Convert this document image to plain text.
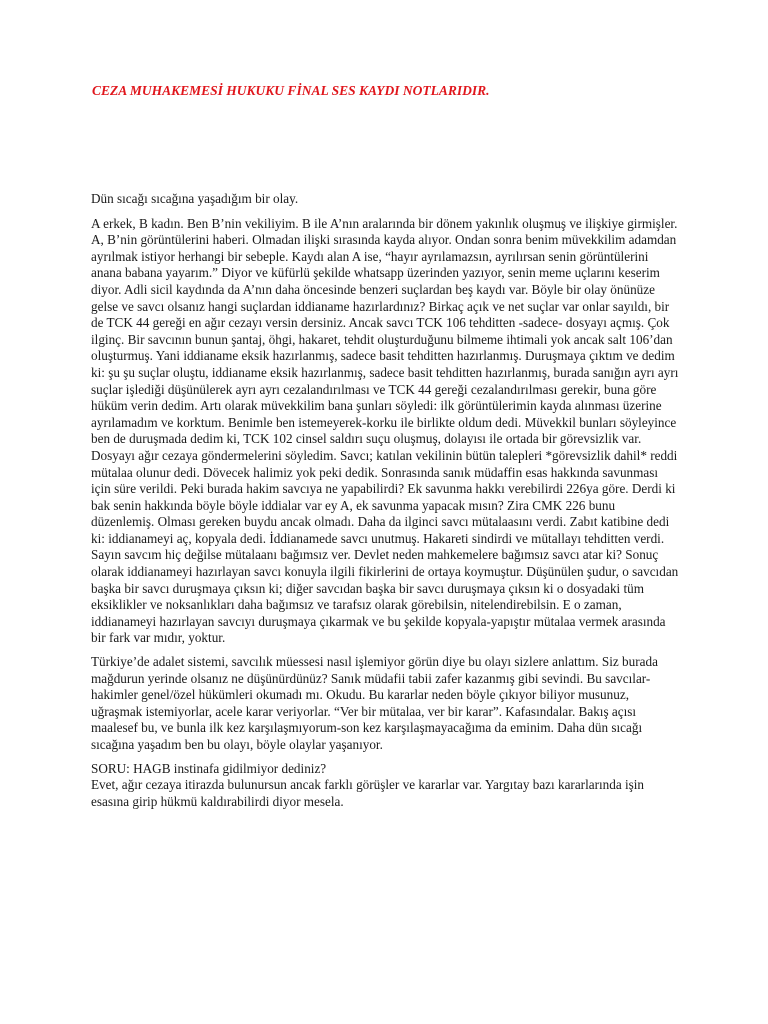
CEZA MUHAKEMESİ HUKUKU FİNAL SES KAYDI NOTLARIDIR.

Dün sıcağı sıcağına yaşadığım bir olay.

A erkek, B kadın. Ben B’nin vekiliyim. B ile A’nın aralarında bir dönem yakınlık oluşmuş ve ilişkiye girmişler. A, B’nin görüntülerini haberi. Olmadan ilişki sırasında kayda alıyor. Ondan sonra benim müvekkilim adamdan ayrılmak istiyor herhangi bir sebeple. Kaydı alan A ise, “hayır ayrılamazsın, ayrılırsan senin görüntülerini anana babana yayarım.” Diyor ve küfürlü şekilde whatsapp üzerinden yazıyor, senin meme uçlarını keserim diyor. Adli sicil kaydında da A’nın daha öncesinde benzeri suçlardan beş kaydı var. Böyle bir olay önünüze gelse ve savcı olsanız hangi suçlardan iddianame hazırlardınız? Birkaç açık ve net suçlar var onlar sayıldı, bir de TCK 44 gereği en ağır cezayı versin dersiniz. Ancak savcı TCK 106 tehditten -sadece- dosyayı açmış. Çok ilginç. Bir savcının bunun şantaj, öhgi, hakaret, tehdit oluşturduğunu bilmeme ihtimali yok ancak salt 106’dan oluşturmuş. Yani iddianame eksik hazırlanmış, sadece basit tehditten hazırlanmış. Duruşmaya çıktım ve dedim ki: şu şu suçlar oluştu, iddianame eksik hazırlanmış, sadece basit tehditten hazırlanmış, burada sanığın ayrı ayrı suçlar işlediği düşünülerek ayrı ayrı cezalandırılması ve TCK 44 gereği cezalandırılması gerekir, buna göre hüküm verin dedim. Artı olarak müvekkilim bana şunları söyledi: ilk görüntülerimin kayda alınması üzerine ayrılamadım ve korktum. Benimle ben istemeyerek-korku ile birlikte oldum dedi. Müvekkil bunları söyleyince ben de duruşmada dedim ki, TCK 102 cinsel saldırı suçu oluşmuş, dolayısı ile ortada bir görevsizlik var. Dosyayı ağır cezaya göndermelerini söyledim. Savcı; katılan vekilinin bütün talepleri *görevsizlik dahil* reddi mütalaa olunur dedi. Dövecek halimiz yok peki dedik. Sonrasında sanık müdaffin esas hakkında savunması için süre verildi. Peki burada hakim savcıya ne yapabilirdi? Ek savunma hakkı verebilirdi 226ya göre. Derdi ki bak senin hakkında böyle böyle iddialar var ey A, ek savunma yapacak mısın? Zira CMK 226 bunu düzenlemiş. Olması gereken buydu ancak olmadı. Daha da ilginci savcı mütalaasını verdi. Zabıt katibine dedi ki: iddianameyi aç, kopyala dedi. İddianamede savcı unutmuş. Hakareti sindirdi ve mütallayı tehditten verdi. Sayın savcım hiç değilse mütalaanı bağımsız ver. Devlet neden mahkemelere bağımsız savcı atar ki? Sonuç olarak iddianameyi hazırlayan savcı konuyla ilgili fikirlerini de ortaya koymuştur. Düşünülen şudur, o savcıdan başka bir savcı duruşmaya çıksın ki; diğer savcıdan başka bir savcı duruşmaya çıksın ki o dosyadaki tüm eksiklikler ve noksanlıkları daha bağımsız ve tarafsız olarak görebilsin, nitelendirebilsin. E o zaman, iddianameyi hazırlayan savcıyı duruşmaya çıkarmak ve bu şekilde kopyala-yapıştır mütalaa vermek arasında bir fark var mıdır, yoktur.

Türkiye’de adalet sistemi, savcılık müessesi nasıl işlemiyor görün diye bu olayı sizlere anlattım. Siz burada mağdurun yerinde olsanız ne düşünürdünüz? Sanık müdafii tabii zafer kazanmış gibi sevindi. Bu savcılar-hakimler genel/özel hükümleri okumadı mı. Okudu. Bu kararlar neden böyle çıkıyor biliyor musunuz, uğraşmak istemiyorlar, acele karar veriyorlar. “Ver bir mütalaa, ver bir karar”. Kafasındalar. Bakış açısı maalesef bu, ve bunla ilk kez karşılaşmıyorum-son kez karşılaşmayacağıma da eminim. Daha dün sıcağı sıcağına yaşadım ben bu olayı, böyle olaylar yaşanıyor.

SORU: HAGB instinafa gidilmiyor dediniz?

Evet, ağır cezaya itirazda bulunursun ancak farklı görüşler ve kararlar var. Yargıtay bazı kararlarında işin esasına girip hükmü kaldırabilirdi diyor mesela.
